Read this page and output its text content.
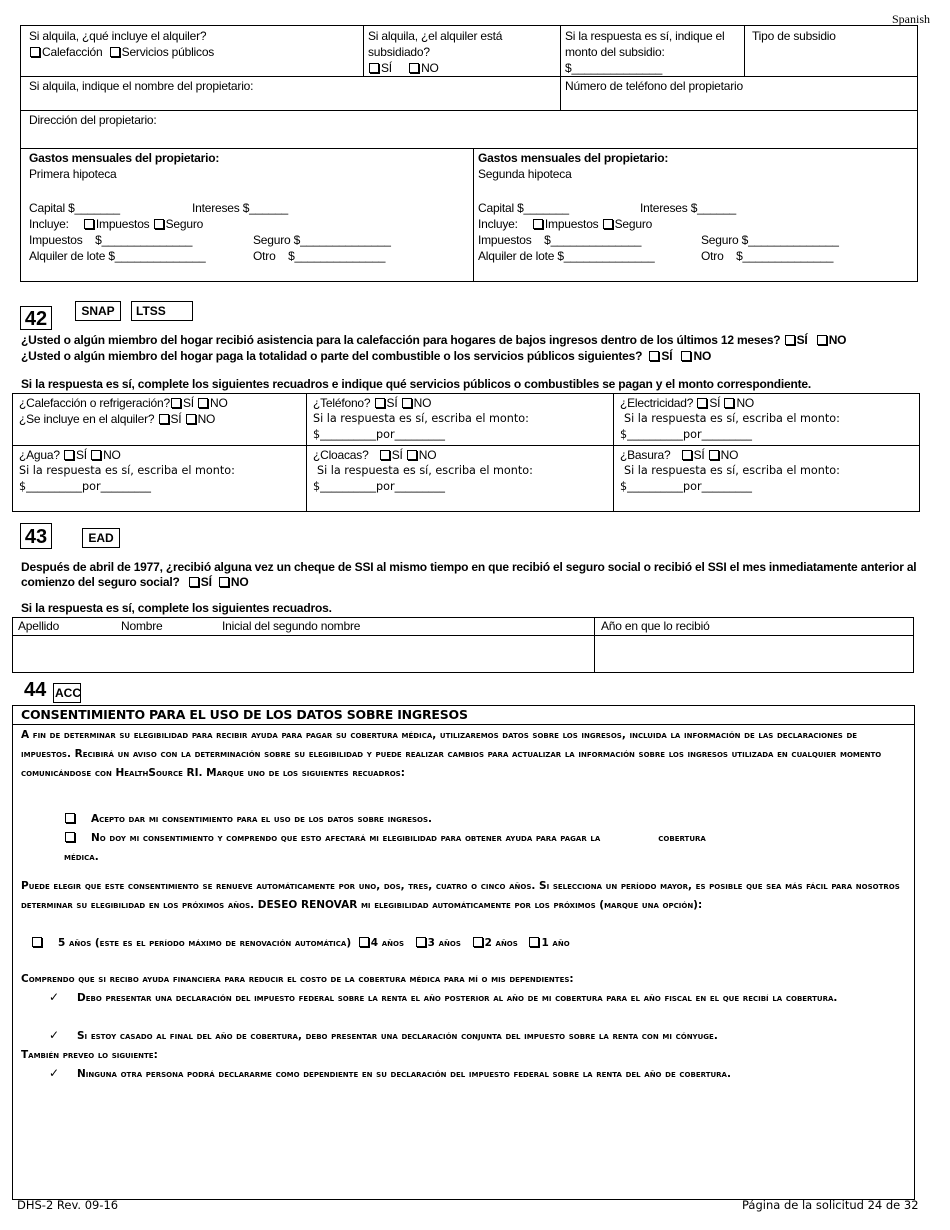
Spanish
Si alquila, ¿qué incluye el alquiler?
Calefacción Servicios públicos
Si alquila, ¿el alquiler está
subsidiado?
SÍ NO
Si la respuesta es sí, indique el
monto del subsidio:
$______________
Tipo de subsidio
Si alquila, indique el nombre del propietario:	Número de teléfono del propietario
Dirección del propietario:
Gastos mensuales del propietario:
Primera hipoteca
Capital $_______	Intereses $______
Incluye: Impuestos Seguro
Impuestos    $______________	Seguro $______________
Alquiler de lote $______________	Otro    $______________
Gastos mensuales del propietario:
Segunda hipoteca
Capital $_______	Intereses $______
Incluye: Impuestos Seguro
Impuestos    $______________	Seguro $______________
Alquiler de lote $______________	Otro    $______________
42	SNAP	LTSS
¿Usted o algún miembro del hogar recibió asistencia para la calefacción para hogares de bajos ingresos dentro de los últimos 12 meses? SÍ NO
¿Usted o algún miembro del hogar paga la totalidad o parte del combustible o los servicios públicos siguientes? SÍ NO
Si la respuesta es sí, complete los siguientes recuadros e indique qué servicios públicos o combustibles se pagan y el monto correspondiente.
¿Calefacción o refrigeración? SÍ NO
¿Se incluye en el alquiler? SÍ NO
¿Teléfono? SÍ NO
Si la respuesta es sí, escriba el monto:
$__________por_________
¿Electricidad? SÍ NO
Si la respuesta es sí, escriba el monto:
$__________por_________
¿Agua? SÍ NO
Si la respuesta es sí, escriba el monto:
$__________por_________
¿Cloacas? SÍ NO
Si la respuesta es sí, escriba el monto:
$__________por_________
¿Basura? SÍ NO
Si la respuesta es sí, escriba el monto:
$__________por_________
43	EAD
Después de abril de 1977, ¿recibió alguna vez un cheque de SSI al mismo tiempo en que recibió el seguro social o recibió el SSI el mes inmediatamente anterior al comienzo del seguro social? SÍ NO
Si la respuesta es sí, complete los siguientes recuadros.
Apellido	Nombre	Inicial del segundo nombre	Año en que lo recibió
44 ACC
CONSENTIMIENTO PARA EL USO DE LOS DATOS SOBRE INGRESOS
A fin de determinar su elegibilidad para recibir ayuda para pagar su cobertura médica, utilizaremos datos sobre los ingresos, incluida la información de las declaraciones de impuestos. Recibirá un aviso con la determinación sobre su elegibilidad y puede realizar cambios para actualizar la información sobre los ingresos utilizada en cualquier momento comunicándose con HealthSource RI. Marque uno de los siguientes recuadros:
Acepto dar mi consentimiento para el uso de los datos sobre ingresos.
No doy mi consentimiento y comprendo que esto afectará mi elegibilidad para obtener ayuda para pagar la	cobertura
médica.
Puede elegir que este consentimiento se renueve automáticamente por uno, dos, tres, cuatro o cinco años. Si selecciona un período mayor, es posible que sea más fácil para nosotros determinar su elegibilidad en los próximos años. DESEO RENOVAR mi elegibilidad automáticamente por los próximos (marque una opción):
5 años (este es el período máximo de renovación automática) 4 años 3 años 2 años 1 año
Comprendo que si recibo ayuda financiera para reducir el costo de la cobertura médica para mí o mis dependientes:
✓ Debo presentar una declaración del impuesto federal sobre la renta el año posterior al año de mi cobertura para el año fiscal en el que recibí la cobertura.
✓ Si estoy casado al final del año de cobertura, debo presentar una declaración conjunta del impuesto sobre la renta con mi cónyuge.
También preveo lo siguiente:
✓ Ninguna otra persona podrá declararme como dependiente en su declaración del impuesto federal sobre la renta del año de cobertura.
DHS-2 Rev. 09-16	Página de la solicitud 24 de 32
